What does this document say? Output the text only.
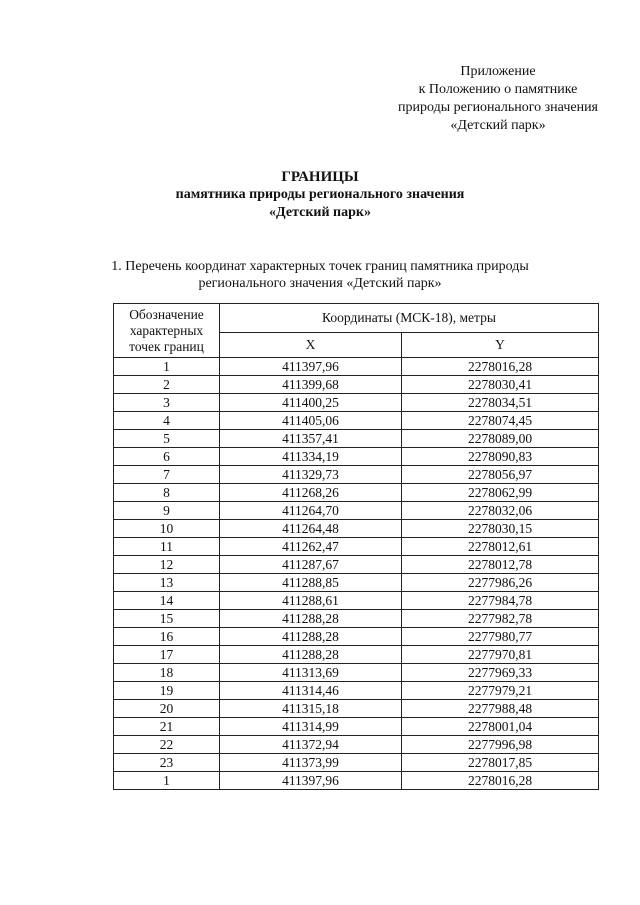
Приложение
к Положению о памятнике
природы регионального значения
«Детский парк»
ГРАНИЦЫ
памятника природы регионального значения
«Детский парк»
1. Перечень координат характерных точек границ памятника природы регионального значения «Детский парк»
Обозначение характерных точек границ	Координаты (МСК-18), метры	
	X	Y
1	411397,96	2278016,28
2	411399,68	2278030,41
3	411400,25	2278034,51
4	411405,06	2278074,45
5	411357,41	2278089,00
6	411334,19	2278090,83
7	411329,73	2278056,97
8	411268,26	2278062,99
9	411264,70	2278032,06
10	411264,48	2278030,15
11	411262,47	2278012,61
12	411287,67	2278012,78
13	411288,85	2277986,26
14	411288,61	2277984,78
15	411288,28	2277982,78
16	411288,28	2277980,77
17	411288,28	2277970,81
18	411313,69	2277969,33
19	411314,46	2277979,21
20	411315,18	2277988,48
21	411314,99	2278001,04
22	411372,94	2277996,98
23	411373,99	2278017,85
1	411397,96	2278016,28
